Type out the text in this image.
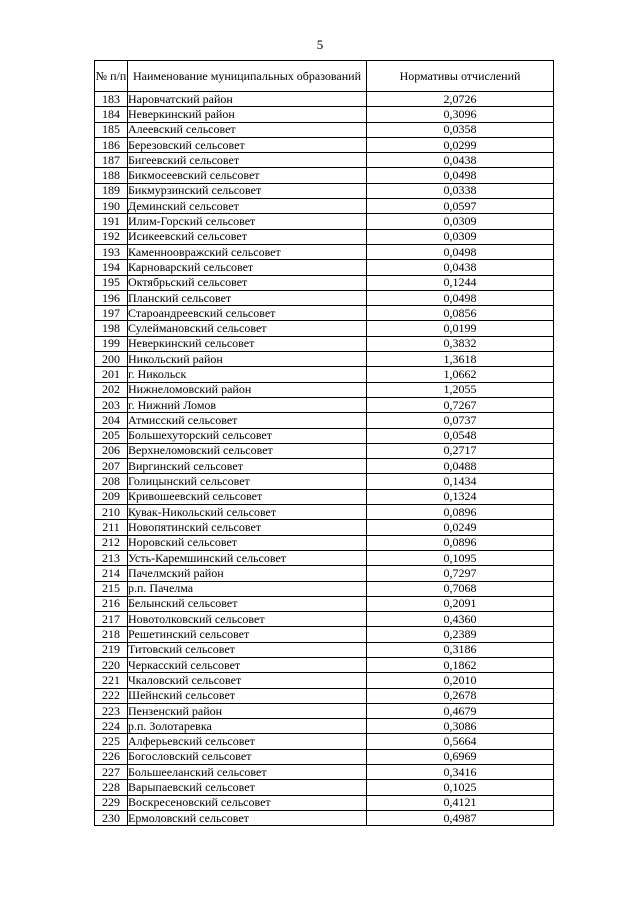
5
№ п/п	Наименование муниципальных образований	Нормативы отчислений
183	Наровчатский район	2,0726
184	Неверкинский район	0,3096
185	Алеевский сельсовет	0,0358
186	Березовский сельсовет	0,0299
187	Бигеевский сельсовет	0,0438
188	Бикмосеевский сельсовет	0,0498
189	Бикмурзинский сельсовет	0,0338
190	Деминский сельсовет	0,0597
191	Илим-Горский сельсовет	0,0309
192	Исикеевский сельсовет	0,0309
193	Каменноовражский сельсовет	0,0498
194	Карноварский сельсовет	0,0438
195	Октябрьский сельсовет	0,1244
196	Планский сельсовет	0,0498
197	Староандреевский сельсовет	0,0856
198	Сулеймановский сельсовет	0,0199
199	Неверкинский сельсовет	0,3832
200	Никольский район	1,3618
201	г. Никольск	1,0662
202	Нижнеломовский район	1,2055
203	г. Нижний Ломов	0,7267
204	Атмисский сельсовет	0,0737
205	Большехуторский сельсовет	0,0548
206	Верхнеломовский сельсовет	0,2717
207	Виргинский сельсовет	0,0488
208	Голицынский сельсовет	0,1434
209	Кривошеевский сельсовет	0,1324
210	Кувак-Никольский сельсовет	0,0896
211	Новопятинский сельсовет	0,0249
212	Норовский сельсовет	0,0896
213	Усть-Каремшинский сельсовет	0,1095
214	Пачелмский район	0,7297
215	р.п. Пачелма	0,7068
216	Белынский сельсовет	0,2091
217	Новотолковский сельсовет	0,4360
218	Решетинский сельсовет	0,2389
219	Титовский сельсовет	0,3186
220	Черкасский сельсовет	0,1862
221	Чкаловский сельсовет	0,2010
222	Шейнский сельсовет	0,2678
223	Пензенский район	0,4679
224	р.п. Золотаревка	0,3086
225	Алферьевский сельсовет	0,5664
226	Богословский сельсовет	0,6969
227	Большееланский сельсовет	0,3416
228	Варыпаевский сельсовет	0,1025
229	Воскресеновский сельсовет	0,4121
230	Ермоловский сельсовет	0,4987
